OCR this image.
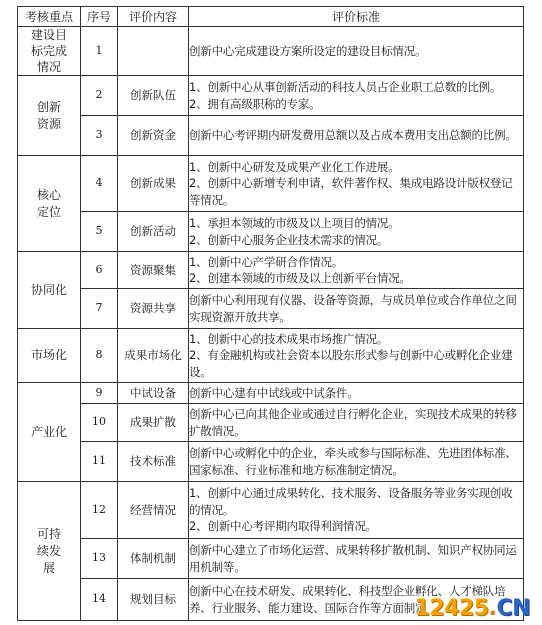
考核重点	序号	评价内容	评价标准

建设目标完成情况	1		创新中心完成建设方案所设定的建设目标情况。

创新资源	2	创新队伍	1、创新中心从事创新活动的科技人员占企业职工总数的比例。
2、拥有高级职称的专家。

	3	创新资金	创新中心考评期内研发费用总额以及占成本费用支出总额的比例。

核心定位	4	创新成果	1、创新中心研发及成果产业化工作进展。
2、创新中心新增专利申请，软件著作权、集成电路设计版权登记等情况。

	5	创新活动	1、承担本领域的市级及以上项目的情况。
2、创新中心服务企业技术需求的情况。

协同化	6	资源聚集	1、创新中心产学研合作情况。
2、创建本领域的市级及以上创新平台情况。

	7	资源共享	创新中心利用现有仪器、设备等资源，与成员单位或合作单位之间实现资源开放共享。

市场化	8	成果市场化	1、创新中心的技术成果市场推广情况。
2、有金融机构或社会资本以股东形式参与创新中心或孵化企业建设。

产业化	9	中试设备	创新中心建有中试线或中试条件。

	10	成果扩散	创新中心已向其他企业或通过自行孵化企业，实现技术成果的转移扩散情况。

	11	技术标准	创新中心或孵化中的企业，牵头或参与国际标准、先进团体标准、国家标准、行业标准和地方标准制定情况。

可持续发展	12	经营情况	1、创新中心通过成果转化、技术服务、设备服务等业务实现创收的情况。
2、创新中心考评期内取得利润情况。

	13	体制机制	创新中心建立了市场化运营、成果转移扩散机制、知识产权协同运用机制等。

	14	规划目标	创新中心在技术研发、成果转化、科技型企业孵化、人才梯队培养、行业服务、能力建设、国际合作等方面制定
12425 . CN
